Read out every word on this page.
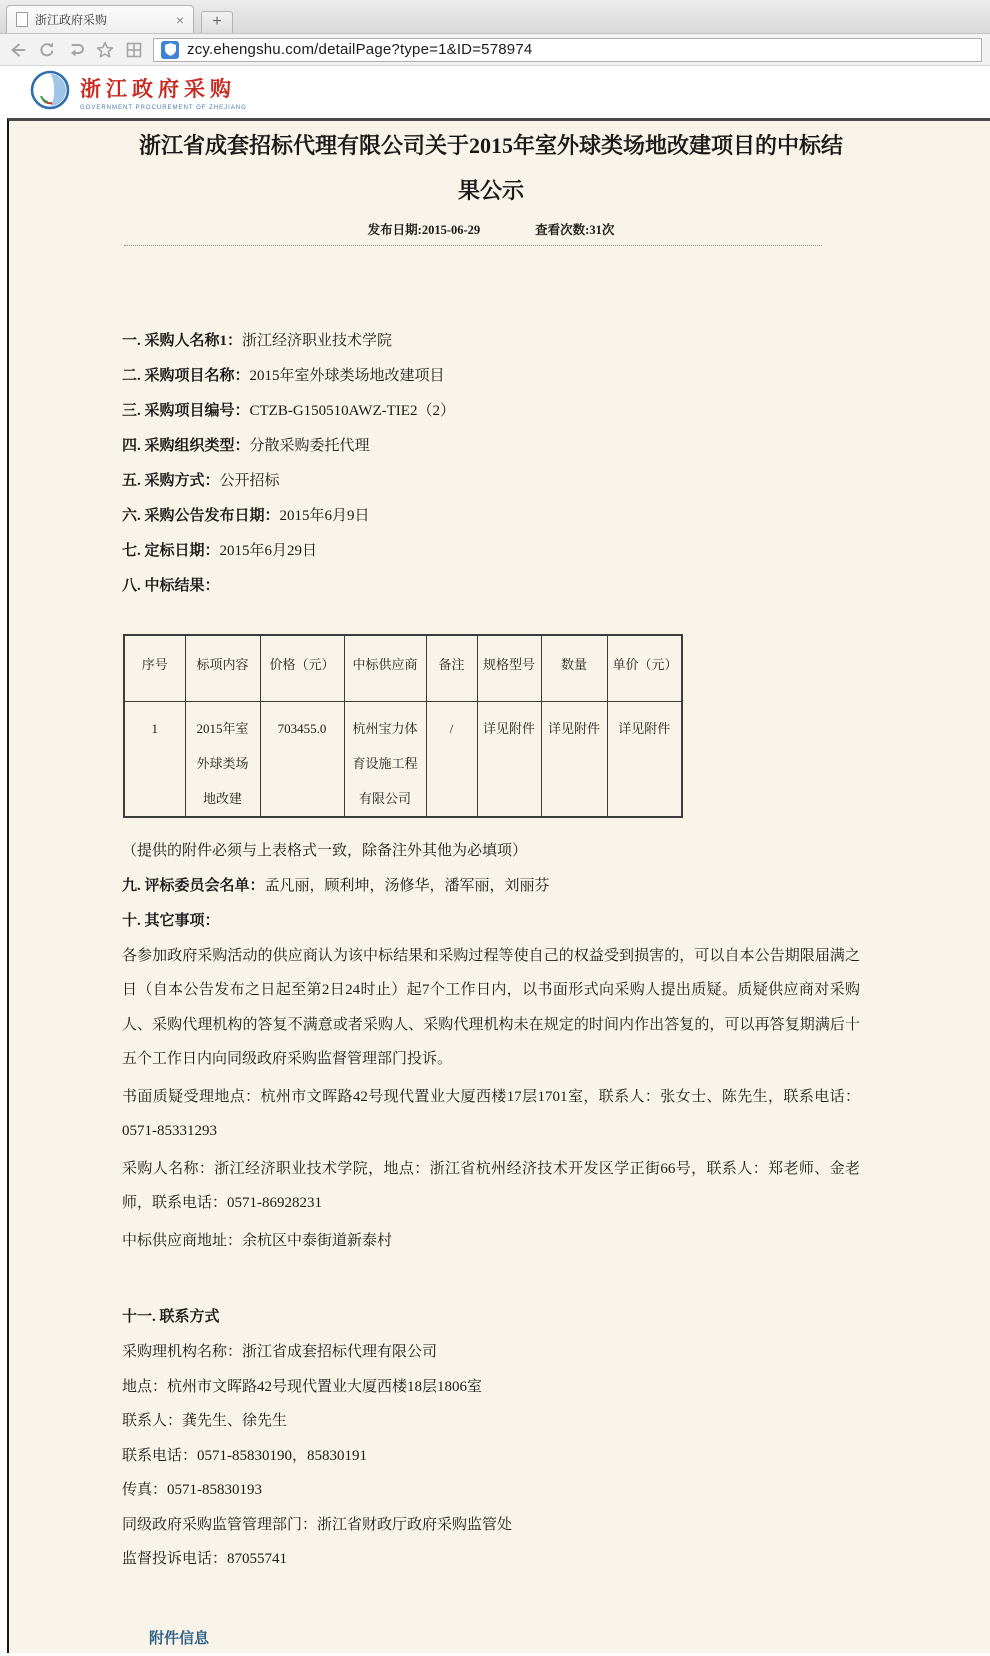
浙江政府采购	×	+
zcy.ehengshu.com/detailPage?type=1&ID=578974
浙江政府采购
GOVERNMENT PROCUREMENT OF ZHEJIANG
浙江省成套招标代理有限公司关于2015年室外球类场地改建项目的中标结果公示
发布日期:2015-06-29	查看次数:31次
一. 采购人名称1：浙江经济职业技术学院
二. 采购项目名称：2015年室外球类场地改建项目
三. 采购项目编号：CTZB-G150510AWZ-TIE2（2）
四. 采购组织类型：分散采购委托代理
五. 采购方式：公开招标
六. 采购公告发布日期：2015年6月9日
七. 定标日期：2015年6月29日
八. 中标结果：
序号	标项内容	价格（元）	中标供应商	备注	规格型号	数量	单价（元）
1	2015年室外球类场地改建	703455.0	杭州宝力体育设施工程有限公司	/	详见附件	详见附件	详见附件

（提供的附件必须与上表格式一致，除备注外其他为必填项）

九. 评标委员会名单：孟凡丽，顾利坤，汤修华，潘军丽，刘丽芬

十. 其它事项：

各参加政府采购活动的供应商认为该中标结果和采购过程等使自己的权益受到损害的，可以自本公告期限届满之日（自本公告发布之日起至第2日24时止）起7个工作日内，以书面形式向采购人提出质疑。质疑供应商对采购人、采购代理机构的答复不满意或者采购人、采购代理机构未在规定的时间内作出答复的，可以再答复期满后十五个工作日内向同级政府采购监督管理部门投诉。

书面质疑受理地点：杭州市文晖路42号现代置业大厦西楼17层1701室，联系人：张女士、陈先生，联系电话：0571-85331293

采购人名称：浙江经济职业技术学院，地点：浙江省杭州经济技术开发区学正街66号，联系人：郑老师、金老师，联系电话：0571-86928231

中标供应商地址：余杭区中泰街道新泰村

十一. 联系方式

采购理机构名称：浙江省成套招标代理有限公司

地点：杭州市文晖路42号现代置业大厦西楼18层1806室

联系人：龚先生、徐先生

联系电话：0571-85830190，85830191

传真：0571-85830193

同级政府采购监管管理部门：浙江省财政厅政府采购监管处

监督投诉电话：87055741

附件信息
